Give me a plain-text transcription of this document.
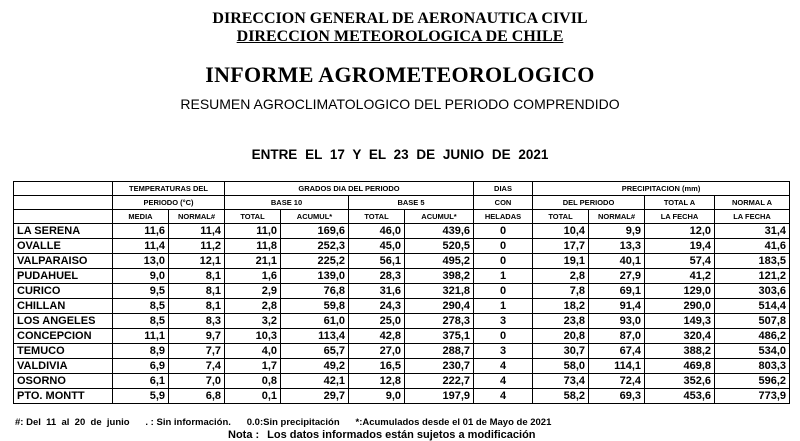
DIRECCION GENERAL DE AERONAUTICA CIVIL
DIRECCION METEOROLOGICA DE CHILE
INFORME AGROMETEOROLOGICO
RESUMEN AGROCLIMATOLOGICO DEL PERIODO COMPRENDIDO
ENTRE EL 17 Y EL 23 DE JUNIO DE 2021
	TEMPERATURAS DEL		GRADOS DIA DEL PERIODO				DIAS	PRECIPITACION (mm)			
	PERIODO (°C)		BASE 10		BASE 5		CON	DEL PERIODO		TOTAL A	NORMAL A
	MEDIA	NORMAL#	TOTAL	ACUMUL*	TOTAL	ACUMUL*	HELADAS	TOTAL	NORMAL#	LA FECHA	LA FECHA
LA SERENA	11,6	11,4	11,0	169,6	46,0	439,6	0	10,4	9,9	12,0	31,4
OVALLE	11,4	11,2	11,8	252,3	45,0	520,5	0	17,7	13,3	19,4	41,6
VALPARAISO	13,0	12,1	21,1	225,2	56,1	495,2	0	19,1	40,1	57,4	183,5
PUDAHUEL	9,0	8,1	1,6	139,0	28,3	398,2	1	2,8	27,9	41,2	121,2
CURICO	9,5	8,1	2,9	76,8	31,6	321,8	0	7,8	69,1	129,0	303,6
CHILLAN	8,5	8,1	2,8	59,8	24,3	290,4	1	18,2	91,4	290,0	514,4
LOS ANGELES	8,5	8,3	3,2	61,0	25,0	278,3	3	23,8	93,0	149,3	507,8
CONCEPCION	11,1	9,7	10,3	113,4	42,8	375,1	0	20,8	87,0	320,4	486,2
TEMUCO	8,9	7,7	4,0	65,7	27,0	288,7	3	30,7	67,4	388,2	534,0
VALDIVIA	6,9	7,4	1,7	49,2	16,5	230,7	4	58,0	114,1	469,8	803,3
OSORNO	6,1	7,0	0,8	42,1	12,8	222,7	4	73,4	72,4	352,6	596,2
PTO. MONTT	5,9	6,8	0,1	29,7	9,0	197,9	4	58,2	69,3	453,6	773,9
#: Del  11  al  20  de  junio      . : Sin información.      0.0:Sin precipitación      *:Acumulados desde el 01 de Mayo de 2021
Nota : Los datos informados están sujetos a modificación
